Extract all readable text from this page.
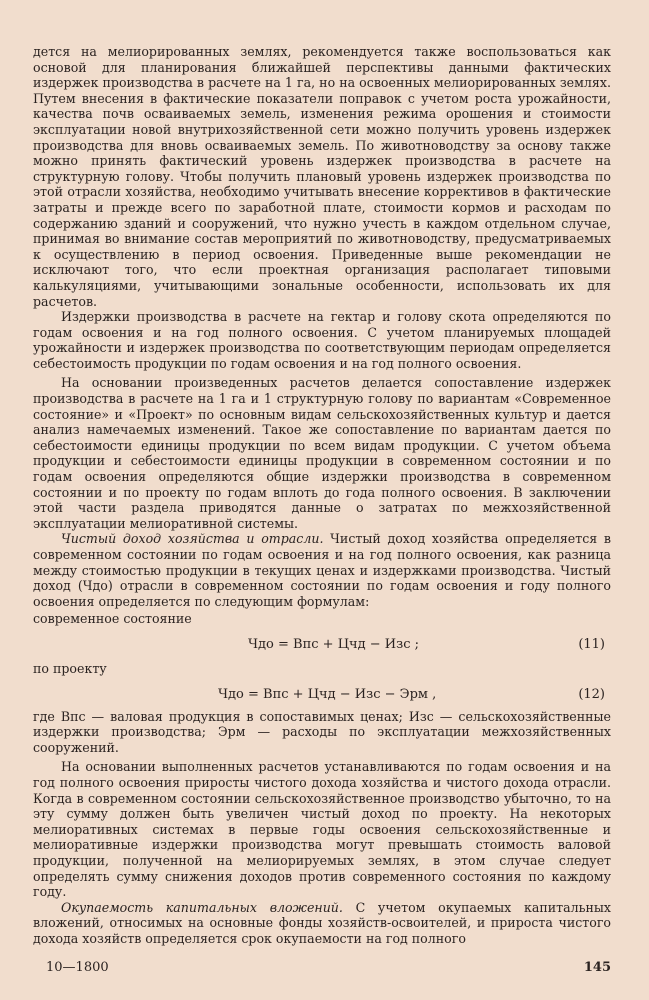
дется на мелиорированных землях, рекомендуется также воспользоваться как основой для планирования ближайшей перспективы данными фактических издержек производства в расчете на 1 га, но на освоенных мелиорированных землях. Путем внесения в фактические показатели поправок с учетом роста урожайности, качества почв осваиваемых земель, изменения режима орошения и стоимости эксплуатации новой внутрихозяйственной сети можно получить уровень издержек производства для вновь осваиваемых земель. По животноводству за основу также можно принять фактический уровень издержек производства в расчете на структурную голову. Чтобы получить плановый уровень издержек производства по этой отрасли хозяйства, необходимо учитывать внесение коррективов в фактические затраты и прежде всего по заработной плате, стоимости кормов и расходам по содержанию зданий и сооружений, что нужно учесть в каждом отдельном случае, принимая во внимание состав мероприятий по животноводству, предусматриваемых к осуществлению в период освоения. Приведенные выше рекомендации не исключают того, что если проектная организация располагает типовыми калькуляциями, учитывающими зональные особенности, использовать их для расчетов.

Издержки производства в расчете на гектар и голову скота определяются по годам освоения и на год полного освоения. С учетом планируемых площадей урожайности и издержек производства по соответствующим периодам определяется себестоимость продукции по годам освоения и на год полного освоения.

На основании произведенных расчетов делается сопоставление издержек производства в расчете на 1 га и 1 структурную голову по вариантам «Современное состояние» и «Проект» по основным видам сельскохозяйственных культур и дается анализ намечаемых изменений. Такое же сопоставление по вариантам дается по себестоимости единицы продукции по всем видам продукции. С учетом объема продукции и себестоимости единицы продукции в современном состоянии и по годам освоения определяются общие издержки производства в современном состоянии и по проекту по годам вплоть до года полного освоения. В заключении этой части раздела приводятся данные о затратах по межхозяйственной эксплуатации мелиоративной системы.

Чистый доход хозяйства и отрасли. Чистый доход хозяйства определяется в современном состоянии по годам освоения и на год полного освоения, как разница между стоимостью продукции в текущих ценах и издержками производства. Чистый доход (Чдо) отрасли в современном состоянии по годам освоения и году полного освоения определяется по следующим формулам:

современное состояние

Чдо = Впс + Цчд − Изс ;	(11)

по проекту

Чдо = Впс + Цчд − Изс − Эрм ,	(12)

где Впс — валовая продукция в сопоставимых ценах; Изс — сельскохозяйственные издержки производства; Эрм — расходы по эксплуатации межхозяйственных сооружений.

На основании выполненных расчетов устанавливаются по годам освоения и на год полного освоения приросты чистого дохода хозяйства и чистого дохода отрасли. Когда в современном состоянии сельскохозяйственное производство убыточно, то на эту сумму должен быть увеличен чистый доход по проекту. На некоторых мелиоративных системах в первые годы освоения сельскохозяйственные и мелиоративные издержки производства могут превышать стоимость валовой продукции, полученной на мелиорируемых землях, в этом случае следует определять сумму снижения доходов против современного состояния по каждому году.

Окупаемость капитальных вложений. С учетом окупаемых капитальных вложений, относимых на основные фонды хозяйств-освоителей, и прироста чистого дохода хозяйств определяется срок окупаемости на год полного

10—1800	145
